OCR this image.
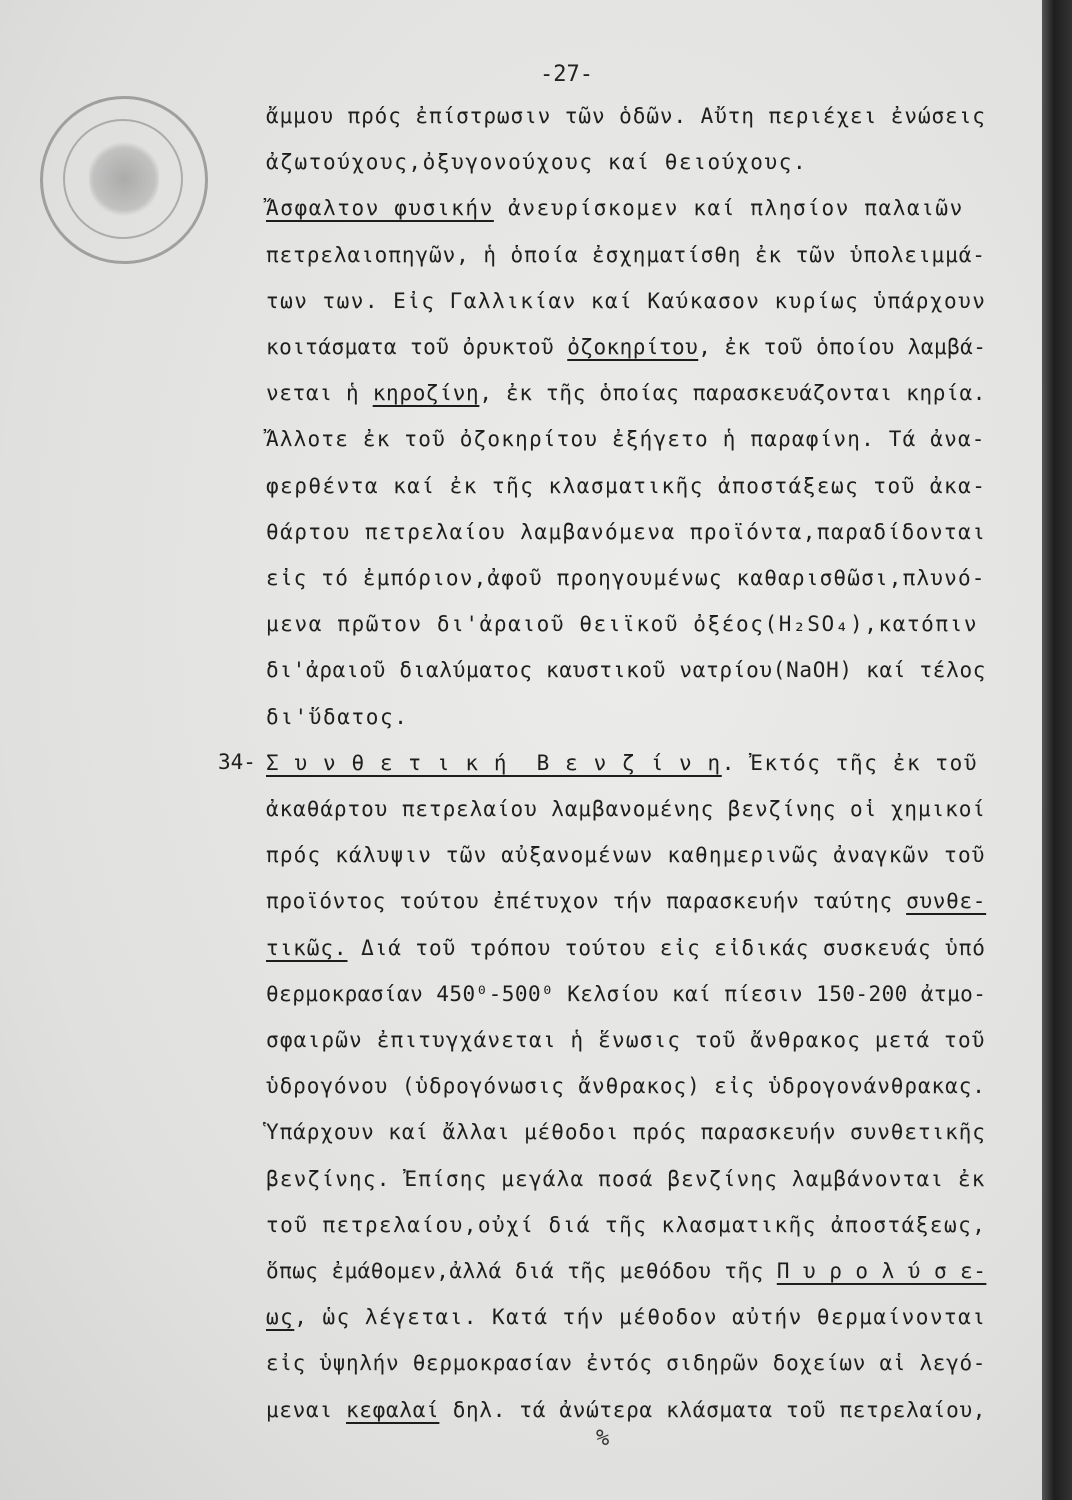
-27-
ἄμμου πρός ἐπίστρωσιν τῶν ὁδῶν. Αὔτη περιέχει ἐνώσεις
ἀζωτούχους,ὀξυγονούχους καί θειούχους.
Ἄσφαλτον φυσικήν ἀνευρίσκομεν καί πλησίον παλαιῶν
πετρελαιοπηγῶν, ἡ ὁποία ἐσχηματίσθη ἐκ τῶν ὑπολειμμά-
των των. Εἰς Γαλλικίαν καί Καύκασον κυρίως ὑπάρχουν
κοιτάσματα τοῦ ὀρυκτοῦ ὀζοκηρίτου, ἐκ τοῦ ὁποίου λαμβά-
νεται ἡ κηροζίνη, ἐκ τῆς ὁποίας παρασκευάζονται κηρία.
Ἄλλοτε ἐκ τοῦ ὀζοκηρίτου ἐξήγετο ἡ παραφίνη. Τά ἀνα-
φερθέντα καί ἐκ τῆς κλασματικῆς ἀποστάξεως τοῦ ἀκα-
θάρτου πετρελαίου λαμβανόμενα προϊόντα,παραδίδονται
εἰς τό ἐμπόριον,ἀφοῦ προηγουμένως καθαρισθῶσι,πλυνό-
μενα πρῶτον δι'ἀραιοῦ θειϊκοῦ ὀξέος(H₂SO₄),κατόπιν
δι'ἀραιοῦ διαλύματος καυστικοῦ νατρίου(NaOH) καί τέλος
δι'ὕδατος.
Σ υ ν θ ε τ ι κ ή  Β ε ν ζ ί ν η. Ἐκτός τῆς ἐκ τοῦ
ἀκαθάρτου πετρελαίου λαμβανομένης βενζίνης οἱ χημικοί
πρός κάλυψιν τῶν αὐξανομένων καθημερινῶς ἀναγκῶν τοῦ
προϊόντος τούτου ἐπέτυχον τήν παρασκευήν ταύτης συνθε-
τικῶς. Διά τοῦ τρόπου τούτου εἰς εἰδικάς συσκευάς ὑπό
θερμοκρασίαν 450⁰-500⁰ Κελσίου καί πίεσιν 150-200 ἀτμο-
σφαιρῶν ἐπιτυγχάνεται ἡ ἕνωσις τοῦ ἄνθρακος μετά τοῦ
ὑδρογόνου (ὑδρογόνωσις ἄνθρακος) εἰς ὑδρογονάνθρακας.
Ὑπάρχουν καί ἄλλαι μέθοδοι πρός παρασκευήν συνθετικῆς
βενζίνης. Ἐπίσης μεγάλα ποσά βενζίνης λαμβάνονται ἐκ
τοῦ πετρελαίου,οὐχί διά τῆς κλασματικῆς ἀποστάξεως,
ὅπως ἐμάθομεν,ἀλλά διά τῆς μεθόδου τῆς Π υ ρ ο λ ύ σ ε-
ως, ὡς λέγεται. Κατά τήν μέθοδον αὐτήν θερμαίνονται
εἰς ὑψηλήν θερμοκρασίαν ἐντός σιδηρῶν δοχείων αἱ λεγό-
μεναι κεφαλαί δηλ. τά ἀνώτερα κλάσματα τοῦ πετρελαίου,
34-
%
